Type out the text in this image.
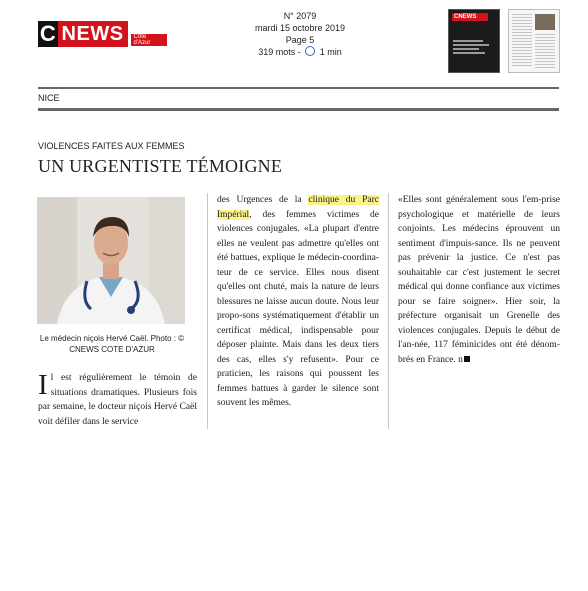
C NEWS	Côte d'Azur
N° 2079
mardi 15 octobre 2019
Page 5
319 mots - 1 min
CNEWS
NICE
VIOLENCES FAITES AUX FEMMES
UN URGENTISTE TÉMOIGNE
Le médecin niçois Hervé Caël. Photo : © CNEWS COTE D'AZUR
Il est régulièrement le témoin de situations dramatiques. Plusieurs fois par semaine, le docteur niçois Hervé Caël voit défiler dans le service
des Urgences de la clinique du Parc Impérial, des femmes victimes de violences conjugales. «La plupart d'entre elles ne veulent pas admettre qu'elles ont été battues, explique le médecin-coordina-teur de ce service. Elles nous disent qu'elles ont chuté, mais la nature de leurs blessures ne laisse aucun doute. Nous leur propo-sons systématiquement d'établir un certificat médical, indispensable pour déposer plainte. Mais dans les deux tiers des cas, elles s'y refusent». Pour ce praticien, les raisons qui poussent les femmes battues à garder le silence sont souvent les mêmes.
«Elles sont généralement sous l'em-prise psychologique et matérielle de leurs conjoints. Les médecins éprouvent un sentiment d'impuis-sance. Ils ne peuvent pas prévenir la justice. Ce n'est pas souhaitable car c'est justement le secret médical qui donne confiance aux victimes pour se faire soigner». Hier soir, la préfecture organisait un Grenelle des violences conjugales. Depuis le début de l'an-née, 117 féminicides ont été dénom-brés en France. n
